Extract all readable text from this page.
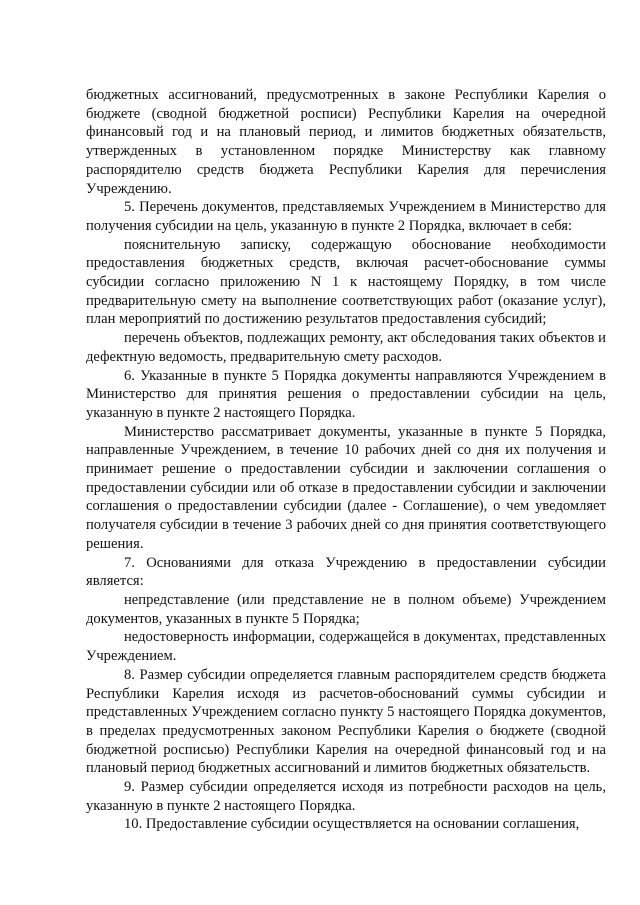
бюджетных ассигнований, предусмотренных в законе Республики Карелия о бюджете (сводной бюджетной росписи) Республики Карелия на очередной финансовый год и на плановый период, и лимитов бюджетных обязательств, утвержденных в установленном порядке Министерству как главному распорядителю средств бюджета Республики Карелия для перечисления Учреждению.

5. Перечень документов, представляемых Учреждением в Министерство для получения субсидии на цель, указанную в пункте 2 Порядка, включает в себя:

пояснительную записку, содержащую обоснование необходимости предоставления бюджетных средств, включая расчет-обоснование суммы субсидии согласно приложению N 1 к настоящему Порядку, в том числе предварительную смету на выполнение соответствующих работ (оказание услуг), план мероприятий по достижению результатов предоставления субсидий;

перечень объектов, подлежащих ремонту, акт обследования таких объектов и дефектную ведомость, предварительную смету расходов.

6. Указанные в пункте 5 Порядка документы направляются Учреждением в Министерство для принятия решения о предоставлении субсидии на цель, указанную в пункте 2 настоящего Порядка.

Министерство рассматривает документы, указанные в пункте 5 Порядка, направленные Учреждением, в течение 10 рабочих дней со дня их получения и принимает решение о предоставлении субсидии и заключении соглашения о предоставлении субсидии или об отказе в предоставлении субсидии и заключении соглашения о предоставлении субсидии (далее - Соглашение), о чем уведомляет получателя субсидии в течение 3 рабочих дней со дня принятия соответствующего решения.

7. Основаниями для отказа Учреждению в предоставлении субсидии является:

непредставление (или представление не в полном объеме) Учреждением документов, указанных в пункте 5 Порядка;

недостоверность информации, содержащейся в документах, представленных Учреждением.

8. Размер субсидии определяется главным распорядителем средств бюджета Республики Карелия исходя из расчетов-обоснований суммы субсидии и представленных Учреждением согласно пункту 5 настоящего Порядка документов, в пределах предусмотренных законом Республики Карелия о бюджете (сводной бюджетной росписью) Республики Карелия на очередной финансовый год и на плановый период бюджетных ассигнований и лимитов бюджетных обязательств.

9. Размер субсидии определяется исходя из потребности расходов на цель, указанную в пункте 2 настоящего Порядка.

10. Предоставление субсидии осуществляется на основании соглашения,
